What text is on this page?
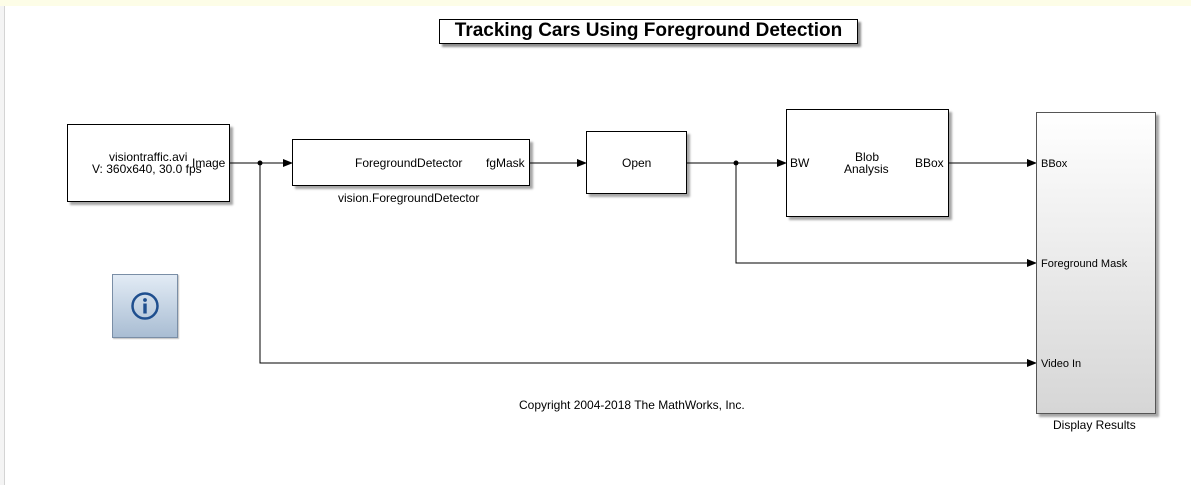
Tracking Cars Using Foreground Detection
visiontraffic.avi
V: 360x640, 30.0 fps
Image	ForegroundDetector fgMask
vision.ForegroundDetector
Open	BW	Blob
Analysis BBox	BBox
Foreground Mask
Video In
Display Results
Copyright 2004-2018 The MathWorks, Inc.
